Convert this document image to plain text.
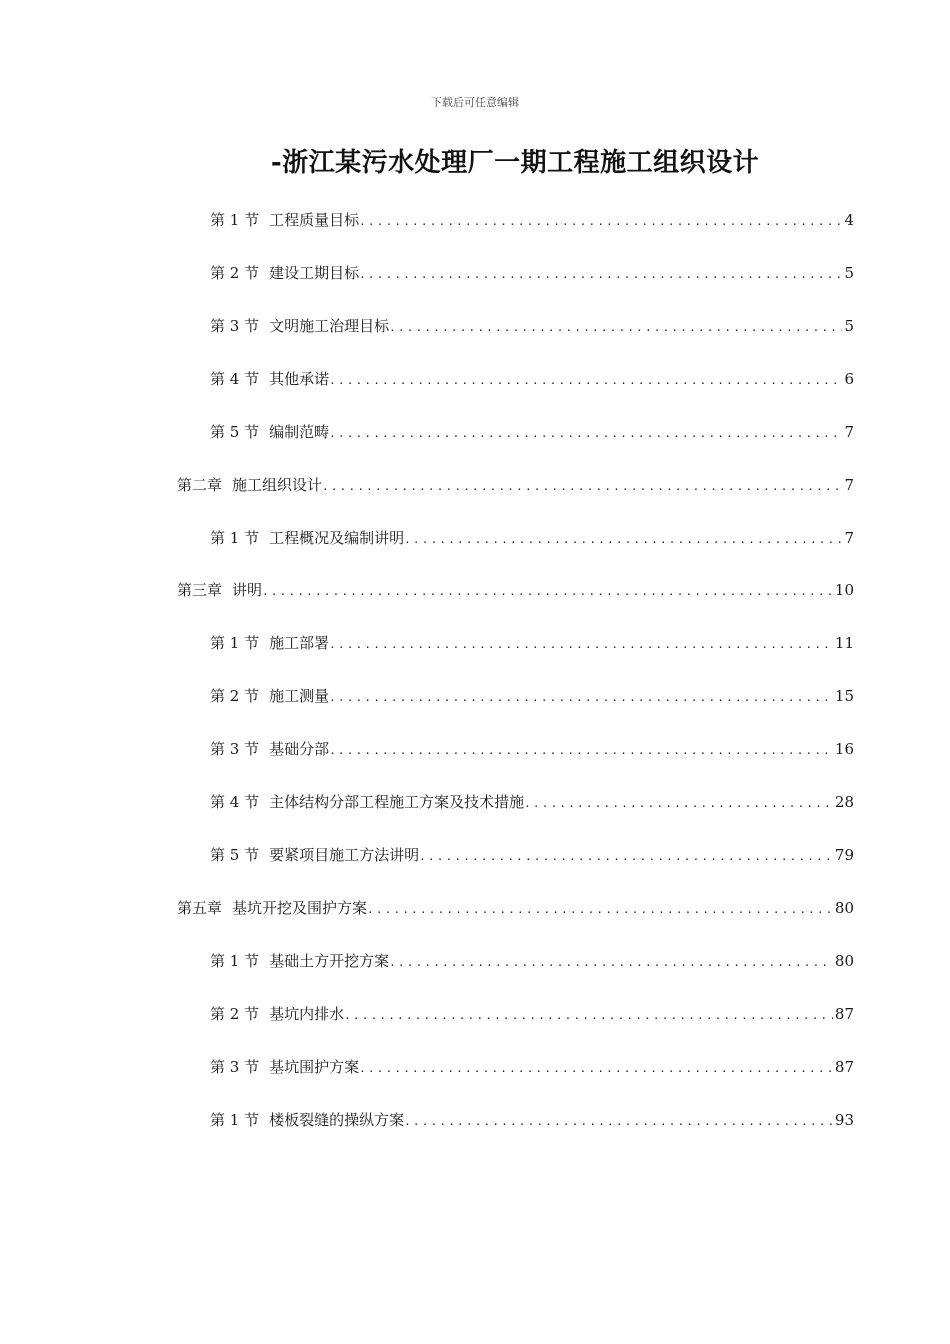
下载后可任意编辑
-浙江某污水处理厂一期工程施工组织设计
第 1 节 工程质量目标 .....	4
第 2 节 建设工期目标 .....	5
第 3 节 文明施工治理目标 .....	5
第 4 节 其他承诺 .....	6
第 5 节 编制范畴 .....	7
第二章 施工组织设计 .....	7
第 1 节 工程概况及编制讲明 .....	7
第三章 讲明 .....	10
第 1 节 施工部署 .....	11
第 2 节 施工测量 .....	15
第 3 节 基础分部 .....	16
第 4 节 主体结构分部工程施工方案及技术措施 .....	28
第 5 节 要紧项目施工方法讲明 .....	79
第五章 基坑开挖及围护方案 .....	80
第 1 节 基础土方开挖方案 .....	80
第 2 节 基坑内排水 .....	87
第 3 节 基坑围护方案 .....	87
第 1 节 楼板裂缝的操纵方案 .....	93
